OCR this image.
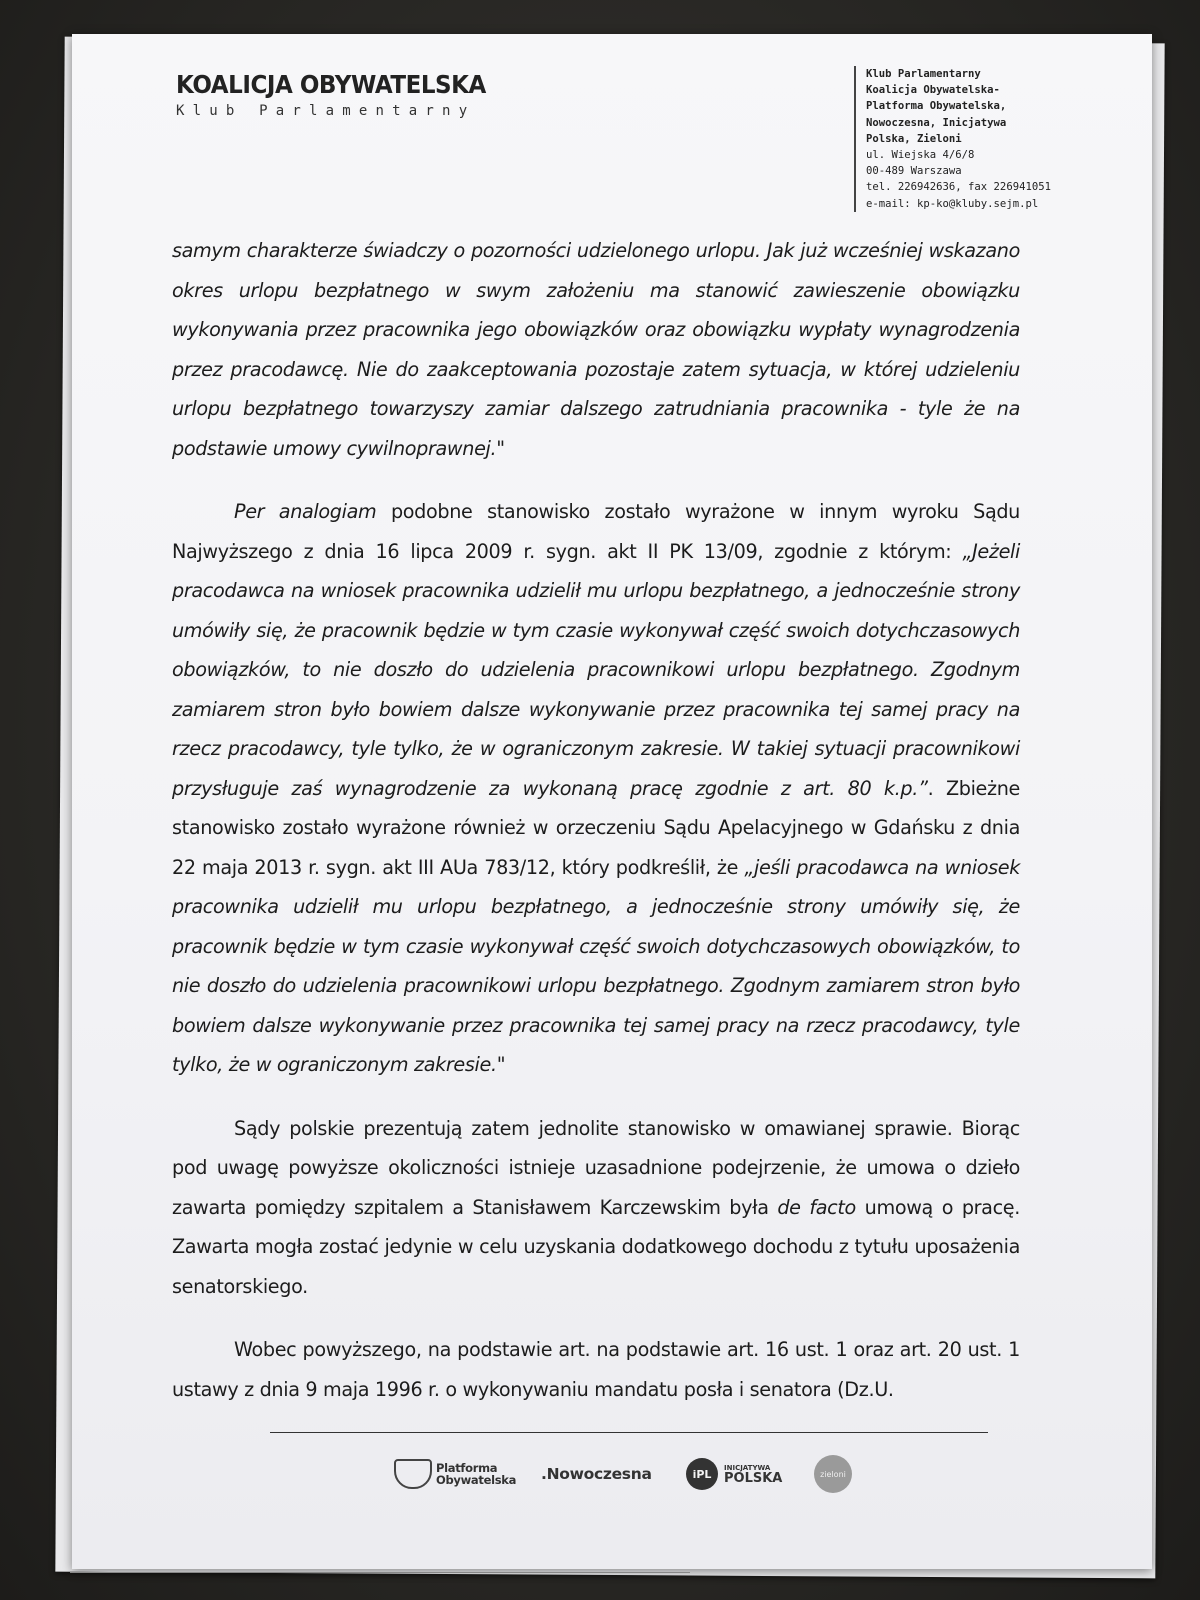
KOALICJA OBYWATELSKA
Klub Parlamentarny
Klub Parlamentarny
Koalicja Obywatelska-
Platforma Obywatelska,
Nowoczesna, Inicjatywa
Polska, Zieloni
ul. Wiejska 4/6/8
00-489 Warszawa
tel. 226942636, fax 226941051
e-mail: kp-ko@kluby.sejm.pl

samym charakterze świadczy o pozorności udzielonego urlopu. Jak już wcześniej wskazano okres urlopu bezpłatnego w swym założeniu ma stanowić zawieszenie obowiązku wykonywania przez pracownika jego obowiązków oraz obowiązku wypłaty wynagrodzenia przez pracodawcę. Nie do zaakceptowania pozostaje zatem sytuacja, w której udzieleniu urlopu bezpłatnego towarzyszy zamiar dalszego zatrudniania pracownika - tyle że na podstawie umowy cywilnoprawnej."

Per analogiam podobne stanowisko zostało wyrażone w innym wyroku Sądu Najwyższego z dnia 16 lipca 2009 r. sygn. akt II PK 13/09, zgodnie z którym: „Jeżeli pracodawca na wniosek pracownika udzielił mu urlopu bezpłatnego, a jednocześnie strony umówiły się, że pracownik będzie w tym czasie wykonywał część swoich dotychczasowych obowiązków, to nie doszło do udzielenia pracownikowi urlopu bezpłatnego. Zgodnym zamiarem stron było bowiem dalsze wykonywanie przez pracownika tej samej pracy na rzecz pracodawcy, tyle tylko, że w ograniczonym zakresie. W takiej sytuacji pracownikowi przysługuje zaś wynagrodzenie za wykonaną pracę zgodnie z art. 80 k.p.”. Zbieżne stanowisko zostało wyrażone również w orzeczeniu Sądu Apelacyjnego w Gdańsku z dnia 22 maja 2013 r. sygn. akt III AUa 783/12, który podkreślił, że „jeśli pracodawca na wniosek pracownika udzielił mu urlopu bezpłatnego, a jednocześnie strony umówiły się, że pracownik będzie w tym czasie wykonywał część swoich dotychczasowych obowiązków, to nie doszło do udzielenia pracownikowi urlopu bezpłatnego. Zgodnym zamiarem stron było bowiem dalsze wykonywanie przez pracownika tej samej pracy na rzecz pracodawcy, tyle tylko, że w ograniczonym zakresie."

Sądy polskie prezentują zatem jednolite stanowisko w omawianej sprawie. Biorąc pod uwagę powyższe okoliczności istnieje uzasadnione podejrzenie, że umowa o dzieło zawarta pomiędzy szpitalem a Stanisławem Karczewskim była de facto umową o pracę. Zawarta mogła zostać jedynie w celu uzyskania dodatkowego dochodu z tytułu uposażenia senatorskiego.

Wobec powyższego, na podstawie art. na podstawie art. 16 ust. 1 oraz art. 20 ust. 1 ustawy z dnia 9 maja 1996 r. o wykonywaniu mandatu posła i senatora (Dz.U.

Platforma
Obywatelska .Nowoczesna	iPL	INICJATYWA
POLSKA	zieloni
